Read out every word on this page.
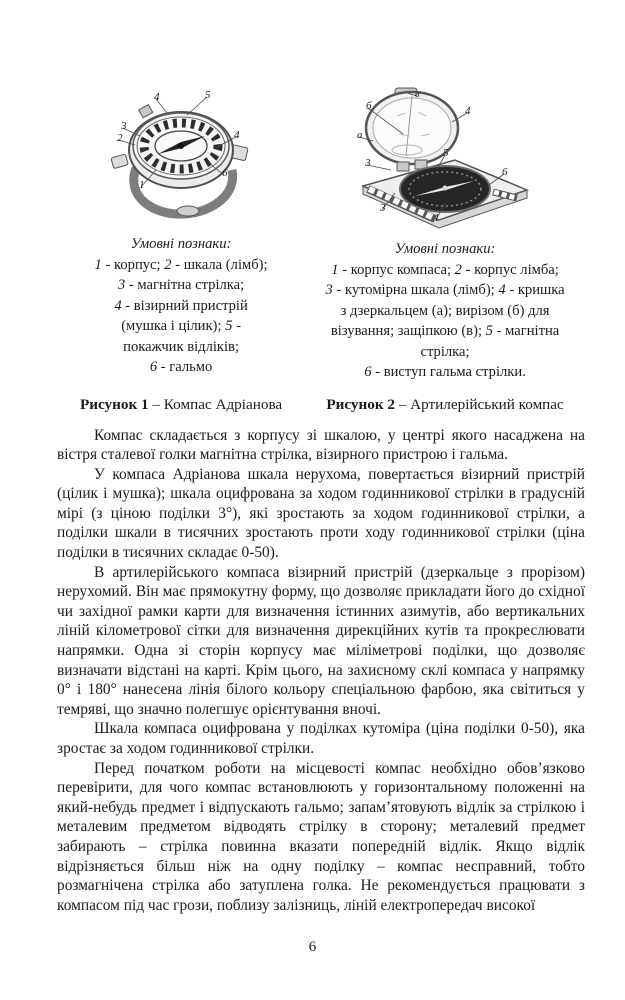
4	5
3
2	4
6
1
Умовні познаки:
1 - корпус; 2 - шкала (лімб);
3 - магнітна стрілка;
4 - візирний пристрій
(мушка і цілик); 5 -
покажчик відліків;
6 - гальмо
в
б
а
4
5
3
3
6
1
Умовні познаки:
1 - корпус компаса; 2 - корпус лімба;
3 - кутомірна шкала (лімб); 4 - кришка
з дзеркальцем (а); вирізом (б) для
візування; защіпкою (в); 5 - магнітна
стрілка;
6 - виступ гальма стрілки.
Рисунок 1 – Компас Адріанова	Рисунок 2 – Артилерійський компас

Компас складається з корпусу зі шкалою, у центрі якого насаджена на вістря сталевої голки магнітна стрілка, візирного пристрою і гальма.

У компаса Адріанова шкала нерухома, повертається візирний пристрій (цілик і мушка); шкала оцифрована за ходом годинникової стрілки в градусній мірі (з ціною поділки 3°), які зростають за ходом годинникової стрілки, а поділки шкали в тисячних зростають проти ходу годинникової стрілки (ціна поділки в тисячних складає 0-50).

В артилерійського компаса візирний пристрій (дзеркальце з прорізом) нерухомий. Він має прямокутну форму, що дозволяє прикладати його до східної чи західної рамки карти для визначення істинних азимутів, або вертикальних ліній кілометрової сітки для визначення дирекційних кутів та прокреслювати напрямки. Одна зі сторін корпусу має міліметрові поділки, що дозволяє визначати відстані на карті. Крім цього, на захисному склі компаса у напрямку 0° і 180° нанесена лінія білого кольору спеціальною фарбою, яка світиться у темряві, що значно полегшує орієнтування вночі.

Шкала компаса оцифрована у поділках кутоміра (ціна поділки 0-50), яка зростає за ходом годинникової стрілки.

Перед початком роботи на місцевості компас необхідно обов’язково перевірити, для чого компас встановлюють у горизонтальному положенні на який-небудь предмет і відпускають гальмо; запам’ятовують відлік за стрілкою і металевим предметом відводять стрілку в сторону; металевий предмет забирають – стрілка повинна вказати попередній відлік. Якщо відлік відрізняється більш ніж на одну поділку – компас несправний, тобто розмагнічена стрілка або затуплена голка. Не рекомендується працювати з компасом під час грози, поблизу залізниць, ліній електропередач високої

6
